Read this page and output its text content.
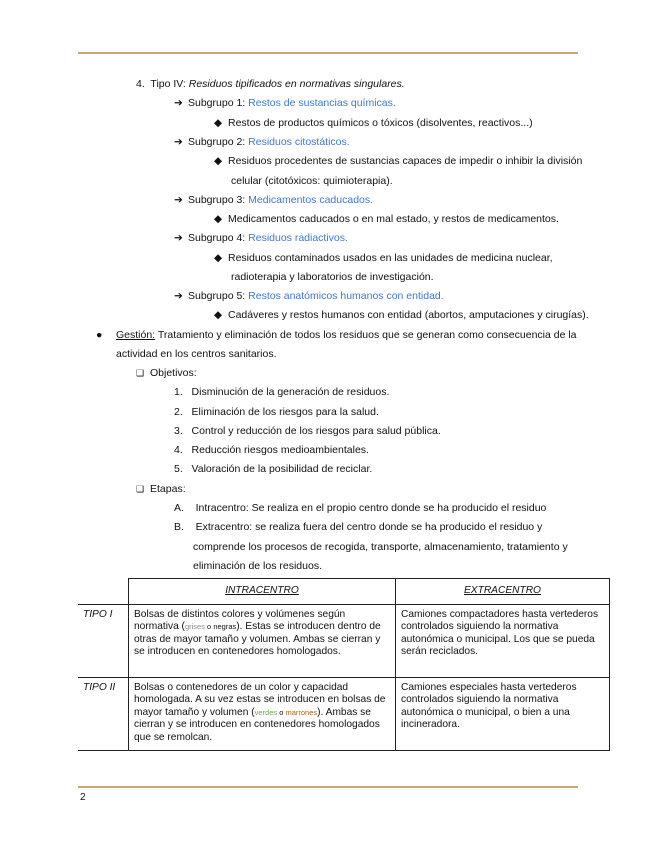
4. Tipo IV: Residuos tipificados en normativas singulares.
➔ Subgrupo 1: Restos de sustancias químicas.
◆ Restos de productos químicos o tóxicos (disolventes, reactivos...)
➔ Subgrupo 2: Residuos citostáticos.
◆ Residuos procedentes de sustancias capaces de impedir o inhibir la división
celular (citotóxicos: quimioterapia).
➔ Subgrupo 3: Medicamentos caducados.
◆ Medicamentos caducados o en mal estado, y restos de medicamentos.
➔ Subgrupo 4: Residuos radiactivos.
◆ Residuos contaminados usados en las unidades de medicina nuclear,
radioterapia y laboratorios de investigación.
➔ Subgrupo 5: Restos anatómicos humanos con entidad.
◆ Cadáveres y restos humanos con entidad (abortos, amputaciones y cirugías).
● Gestión: Tratamiento y eliminación de todos los residuos que se generan como consecuencia de la
actividad en los centros sanitarios.
❑ Objetivos:
1. Disminución de la generación de residuos.
2. Eliminación de los riesgos para la salud.
3. Control y reducción de los riesgos para salud pública.
4. Reducción riesgos medioambientales.
5. Valoración de la posibilidad de reciclar.
❑ Etapas:
A. Intracentro: Se realiza en el propio centro donde se ha producido el residuo
B. Extracentro: se realiza fuera del centro donde se ha producido el residuo y
comprende los procesos de recogida, transporte, almacenamiento, tratamiento y
eliminación de los residuos.
	INTRACENTRO	EXTRACENTRO
TIPO I	Bolsas de distintos colores y volúmenes según normativa (grises o negras). Estas se introducen dentro de otras de mayor tamaño y volumen. Ambas se cierran y se introducen en contenedores homologados.	Camiones compactadores hasta vertederos controlados siguiendo la normativa autonómica o municipal. Los que se pueda serán reciclados.
TIPO II	Bolsas o contenedores de un color y capacidad homologada. A su vez estas se introducen en bolsas de mayor tamaño y volumen (verdes o marrones). Ambas se cierran y se introducen en contenedores homologados que se remolcan.	Camiones especiales hasta vertederos controlados siguiendo la normativa autonómica o municipal, o bien a una incineradora.
2
